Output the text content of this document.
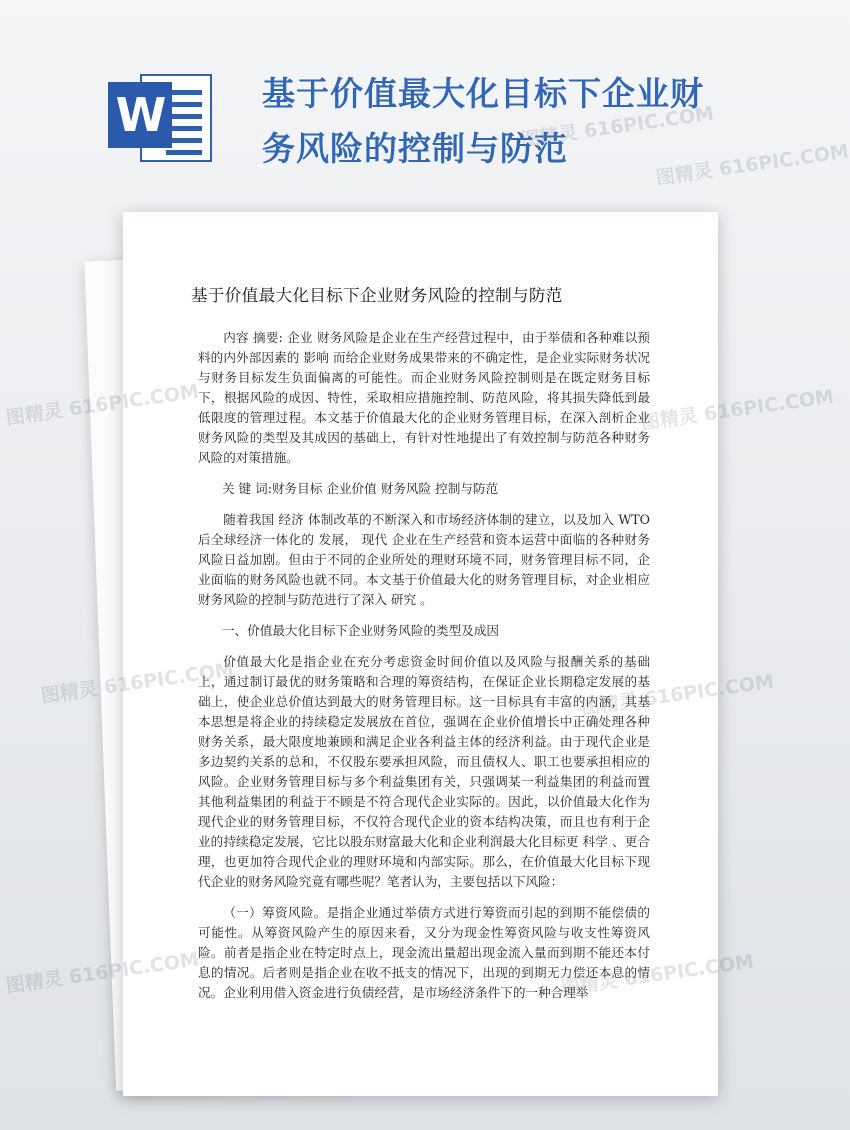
W	基于价值最大化目标下企业财务风险的控制与防范
基于价值最大化目标下企业财务风险的控制与防范

内容 摘要: 企业 财务风险是企业在生产经营过程中，由于举债和各种难以预料的内外部因素的 影响 而给企业财务成果带来的不确定性，是企业实际财务状况与财务目标发生负面偏离的可能性。而企业财务风险控制则是在既定财务目标下，根据风险的成因、特性，采取相应措施控制、防范风险，将其损失降低到最低限度的管理过程。本文基于价值最大化的企业财务管理目标，在深入剖析企业财务风险的类型及其成因的基础上，有针对性地提出了有效控制与防范各种财务风险的对策措施。

关 键 词:财务目标 企业价值 财务风险 控制与防范

随着我国 经济 体制改革的不断深入和市场经济体制的建立，以及加入 WTO 后全球经济一体化的 发展， 现代 企业在生产经营和资本运营中面临的各种财务风险日益加剧。但由于不同的企业所处的理财环境不同，财务管理目标不同，企业面临的财务风险也就不同。本文基于价值最大化的财务管理目标，对企业相应财务风险的控制与防范进行了深入 研究 。

一、价值最大化目标下企业财务风险的类型及成因

价值最大化是指企业在充分考虑资金时间价值以及风险与报酬关系的基础上，通过制订最优的财务策略和合理的筹资结构，在保证企业长期稳定发展的基础上，使企业总价值达到最大的财务管理目标。这一目标具有丰富的内涵，其基本思想是将企业的持续稳定发展放在首位，强调在企业价值增长中正确处理各种财务关系，最大限度地兼顾和满足企业各利益主体的经济利益。由于现代企业是多边契约关系的总和，不仅股东要承担风险，而且债权人、职工也要承担相应的风险。企业财务管理目标与多个利益集团有关，只强调某一利益集团的利益而置其他利益集团的利益于不顾是不符合现代企业实际的。因此，以价值最大化作为现代企业的财务管理目标，不仅符合现代企业的资本结构决策，而且也有利于企业的持续稳定发展，它比以股东财富最大化和企业利润最大化目标更 科学 、更合理，也更加符合现代企业的理财环境和内部实际。那么，在价值最大化目标下现代企业的财务风险究竟有哪些呢？笔者认为，主要包括以下风险：

（一）筹资风险。是指企业通过举债方式进行筹资而引起的到期不能偿债的可能性。从筹资风险产生的原因来看，又分为现金性筹资风险与收支性筹资风险。前者是指企业在特定时点上，现金流出量超出现金流入量而到期不能还本付息的情况。后者则是指企业在收不抵支的情况下，出现的到期无力偿还本息的情况。企业利用借入资金进行负债经营，是市场经济条件下的一种合理举

图精灵 616PIC.COM
图精灵 616PIC.COM
图精灵 616PIC.COM
图精灵 616PIC.COM
图精灵 616PIC.COM	图精灵 616PIC.COM
图精灵 616PIC.COM	图精灵 616PIC.COM
